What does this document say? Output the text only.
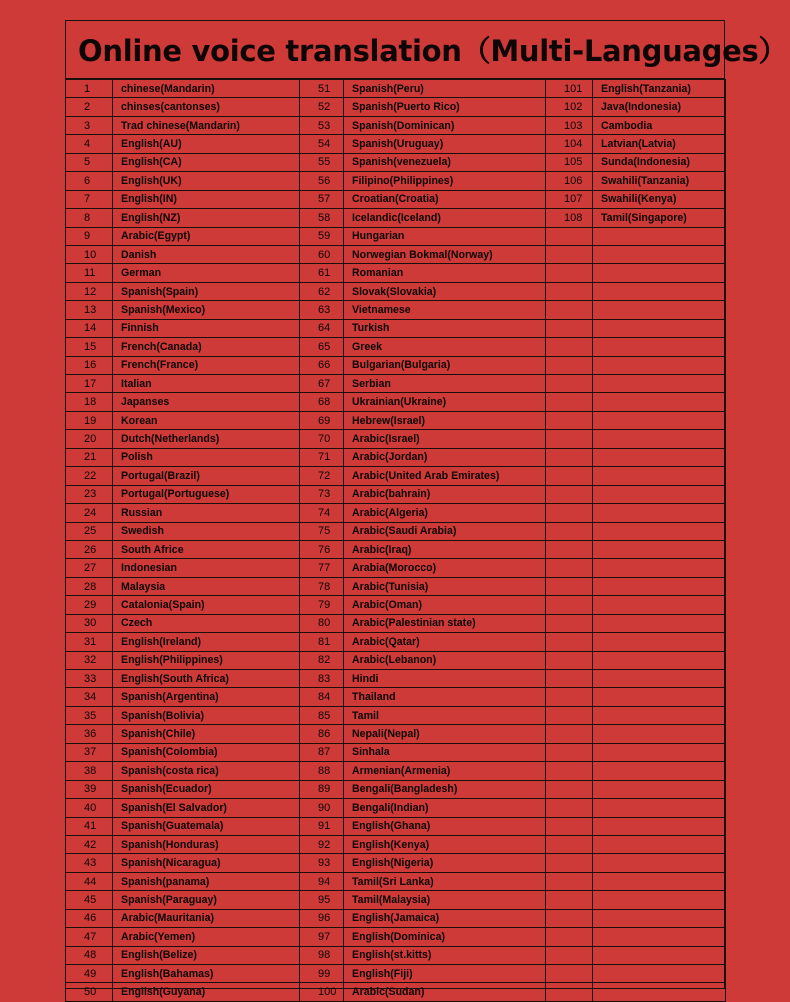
Online voice translation（Multi-Languages）
1	chinese(Mandarin)	51	Spanish(Peru)	101	English(Tanzania)
2	chinses(cantonses)	52	Spanish(Puerto Rico)	102	Java(Indonesia)
3	Trad chinese(Mandarin)	53	Spanish(Dominican)	103	Cambodia
4	English(AU)	54	Spanish(Uruguay)	104	Latvian(Latvia)
5	English(CA)	55	Spanish(venezuela)	105	Sunda(Indonesia)
6	English(UK)	56	Filipino(Philippines)	106	Swahili(Tanzania)
7	English(IN)	57	Croatian(Croatia)	107	Swahili(Kenya)
8	English(NZ)	58	Icelandic(Iceland)	108	Tamil(Singapore)
9	Arabic(Egypt)	59	Hungarian		
10	Danish	60	Norwegian Bokmal(Norway)		
11	German	61	Romanian		
12	Spanish(Spain)	62	Slovak(Slovakia)		
13	Spanish(Mexico)	63	Vietnamese		
14	Finnish	64	Turkish		
15	French(Canada)	65	Greek		
16	French(France)	66	Bulgarian(Bulgaria)		
17	Italian	67	Serbian		
18	Japanses	68	Ukrainian(Ukraine)		
19	Korean	69	Hebrew(Israel)		
20	Dutch(Netherlands)	70	Arabic(Israel)		
21	Polish	71	Arabic(Jordan)		
22	Portugal(Brazil)	72	Arabic(United Arab Emirates)		
23	Portugal(Portuguese)	73	Arabic(bahrain)		
24	Russian	74	Arabic(Algeria)		
25	Swedish	75	Arabic(Saudi Arabia)		
26	South Africe	76	Arabic(Iraq)		
27	Indonesian	77	Arabia(Morocco)		
28	Malaysia	78	Arabic(Tunisia)		
29	Catalonia(Spain)	79	Arabic(Oman)		
30	Czech	80	Arabic(Palestinian state)		
31	English(Ireland)	81	Arabic(Qatar)		
32	English(Philippines)	82	Arabic(Lebanon)		
33	English(South Africa)	83	Hindi		
34	Spanish(Argentina)	84	Thailand		
35	Spanish(Bolivia)	85	Tamil		
36	Spanish(Chile)	86	Nepali(Nepal)		
37	Spanish(Colombia)	87	Sinhala		
38	Spanish(costa rica)	88	Armenian(Armenia)		
39	Spanish(Ecuador)	89	Bengali(Bangladesh)		
40	Spanish(El Salvador)	90	Bengali(Indian)		
41	Spanish(Guatemala)	91	English(Ghana)		
42	Spanish(Honduras)	92	English(Kenya)		
43	Spanish(Nicaragua)	93	English(Nigeria)		
44	Spanish(panama)	94	Tamil(Sri Lanka)		
45	Spanish(Paraguay)	95	Tamil(Malaysia)		
46	Arabic(Mauritania)	96	English(Jamaica)		
47	Arabic(Yemen)	97	English(Dominica)		
48	English(Belize)	98	English(st.kitts)		
49	English(Bahamas)	99	English(Fiji)		
50	English(Guyana)	100	Arabic(Sudan)		
